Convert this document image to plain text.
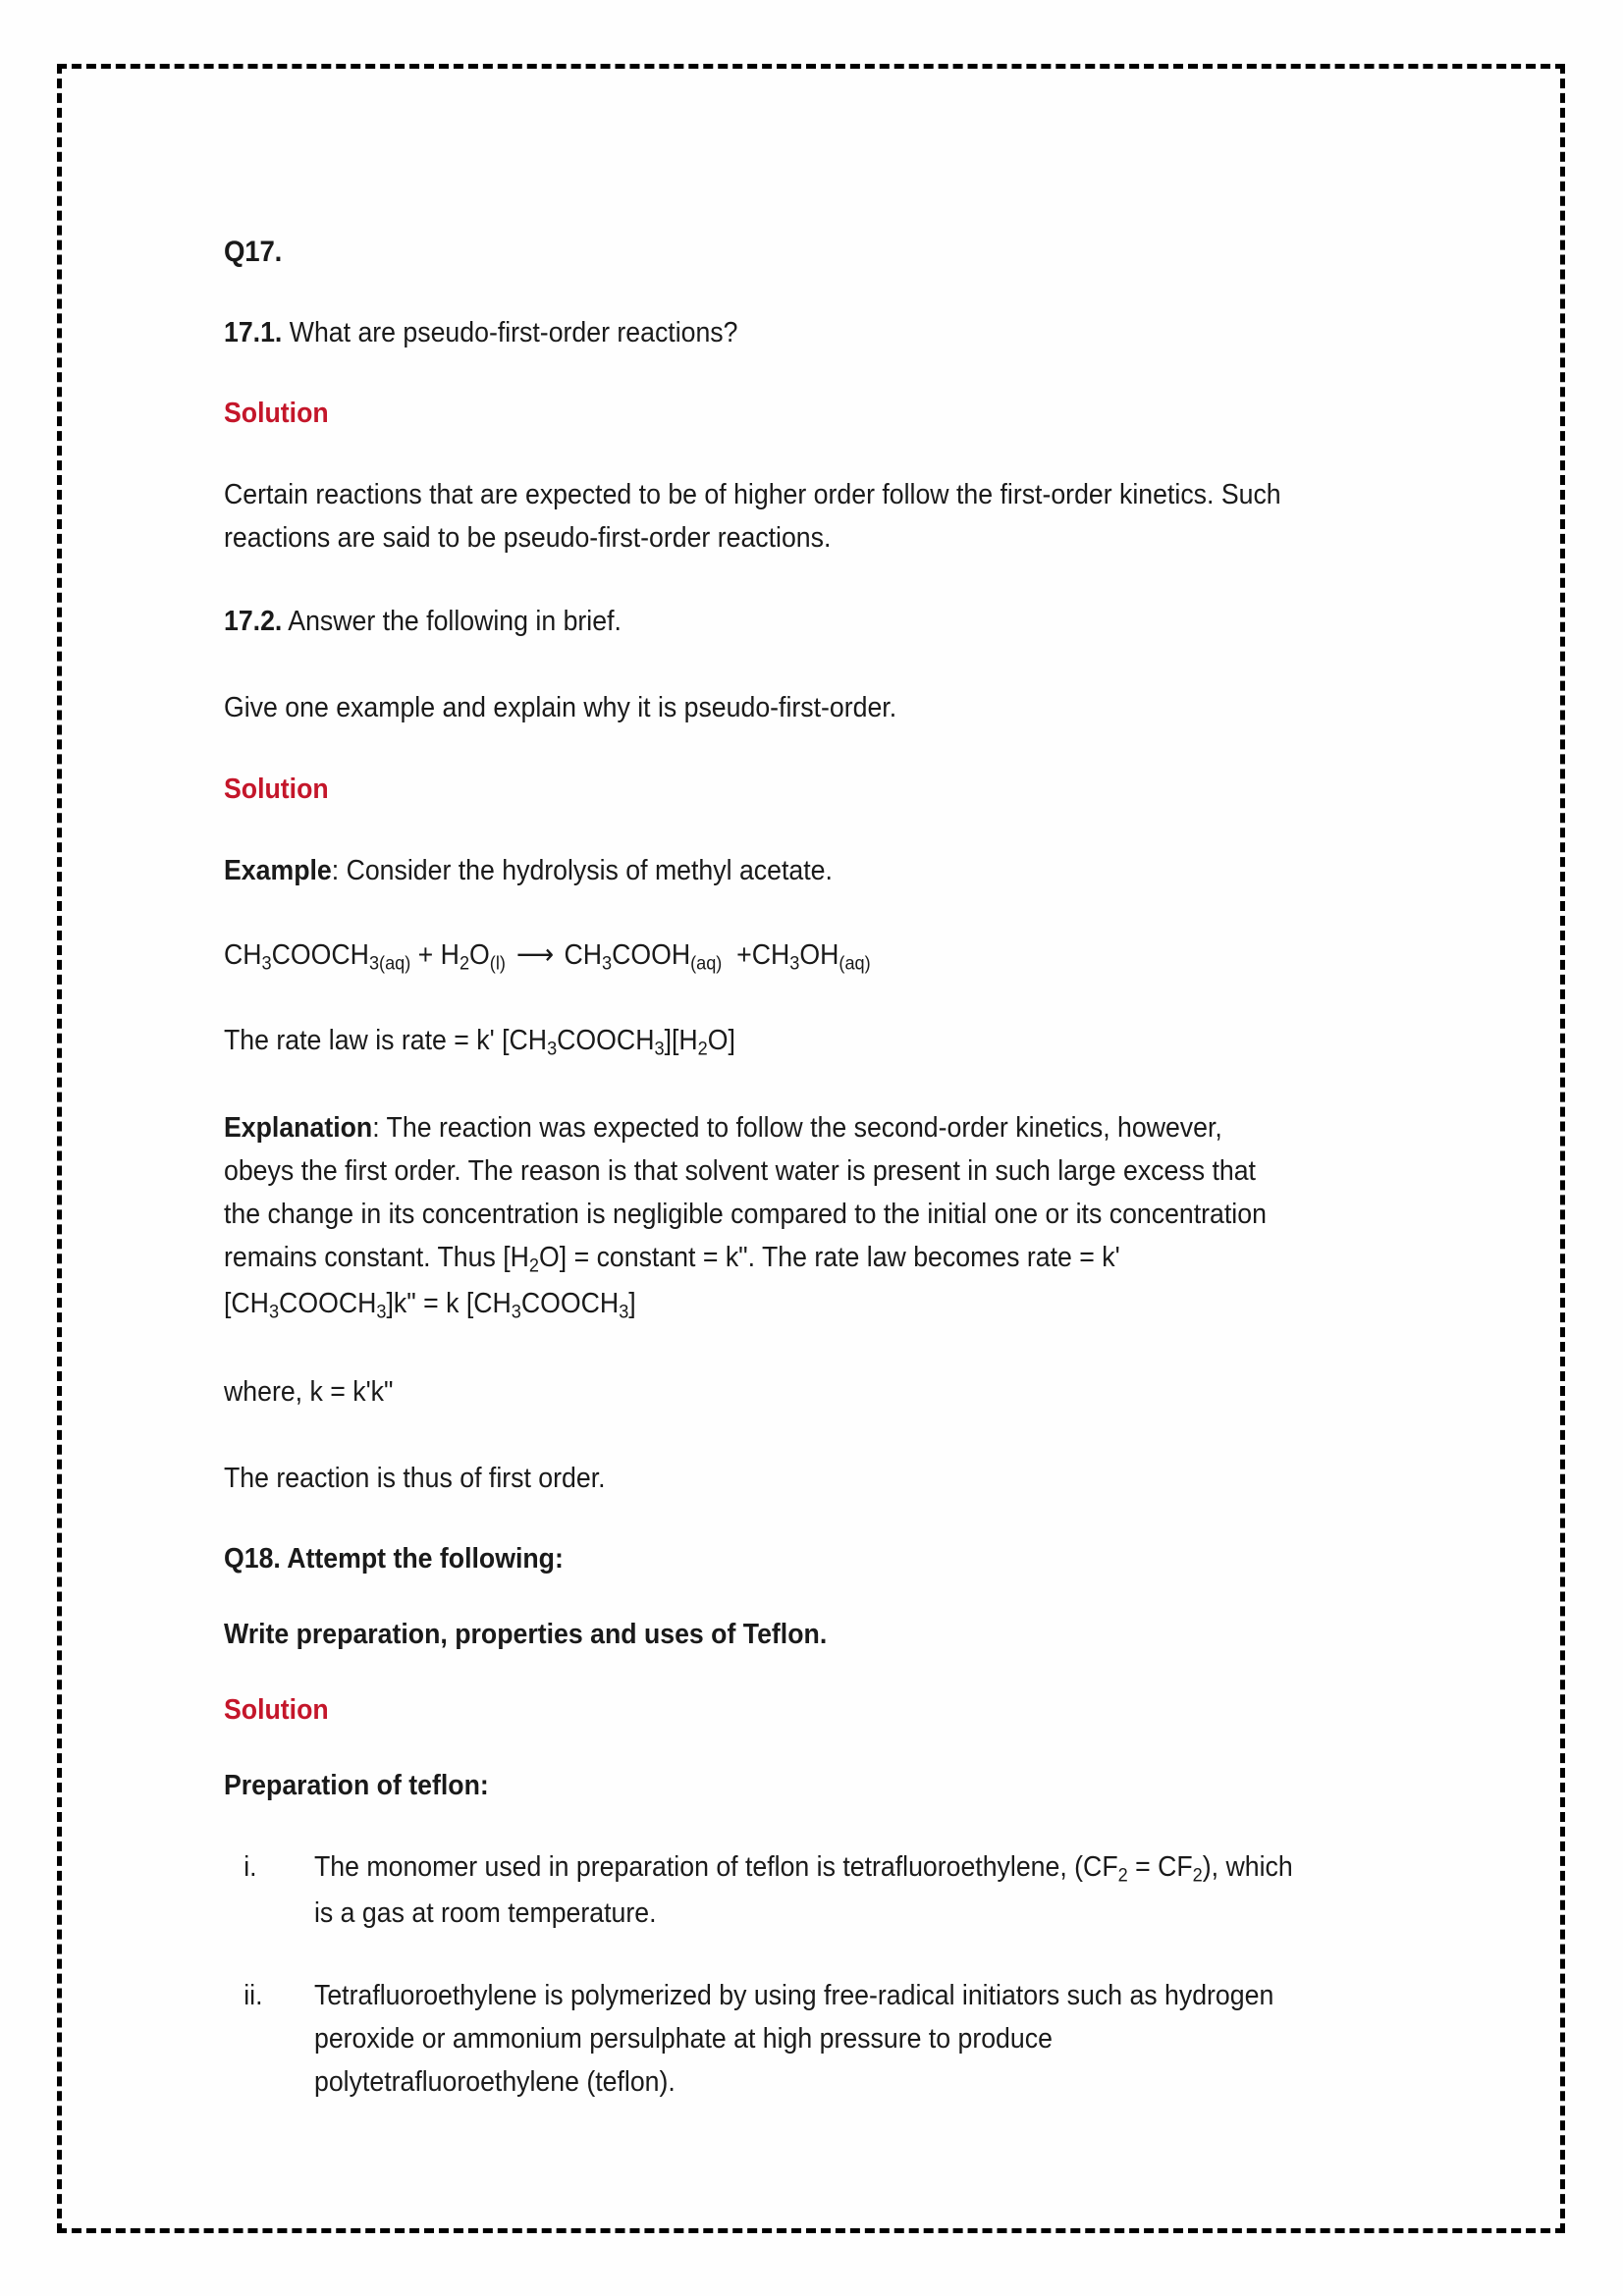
Q17.
17.1. What are pseudo-first-order reactions?
Solution
Certain reactions that are expected to be of higher order follow the first-order kinetics. Such reactions are said to be pseudo-first-order reactions.
17.2. Answer the following in brief.
Give one example and explain why it is pseudo-first-order.
Solution
Example: Consider the hydrolysis of methyl acetate.
$CH_3COOCH_{3(aq)} + H_2O_{(l)}$ ⟶ $CH_3COOH_{(aq)} +CH_3OH_{(aq)}$
The rate law is rate = k' $[CH_3COOCH_3][H_2O]$
Explanation: The reaction was expected to follow the second-order kinetics, however, obeys the first order. The reason is that solvent water is present in such large excess that the change in its concentration is negligible compared to the initial one or its concentration remains constant. Thus $[H_2O]$ = constant = k". The rate law becomes rate = k' $[CH_3COOCH_3]k$" = k $[CH_3COOCH_3]$
where, k = k'k"
The reaction is thus of first order.
Q18. Attempt the following:
Write preparation, properties and uses of Teflon.
Solution
Preparation of teflon:
i.	The monomer used in preparation of teflon is tetrafluoroethylene, $(CF_2 = CF_2)$, which is a gas at room temperature.
ii.	Tetrafluoroethylene is polymerized by using free-radical initiators such as hydrogen peroxide or ammonium persulphate at high pressure to produce polytetrafluoroethylene (teflon).
